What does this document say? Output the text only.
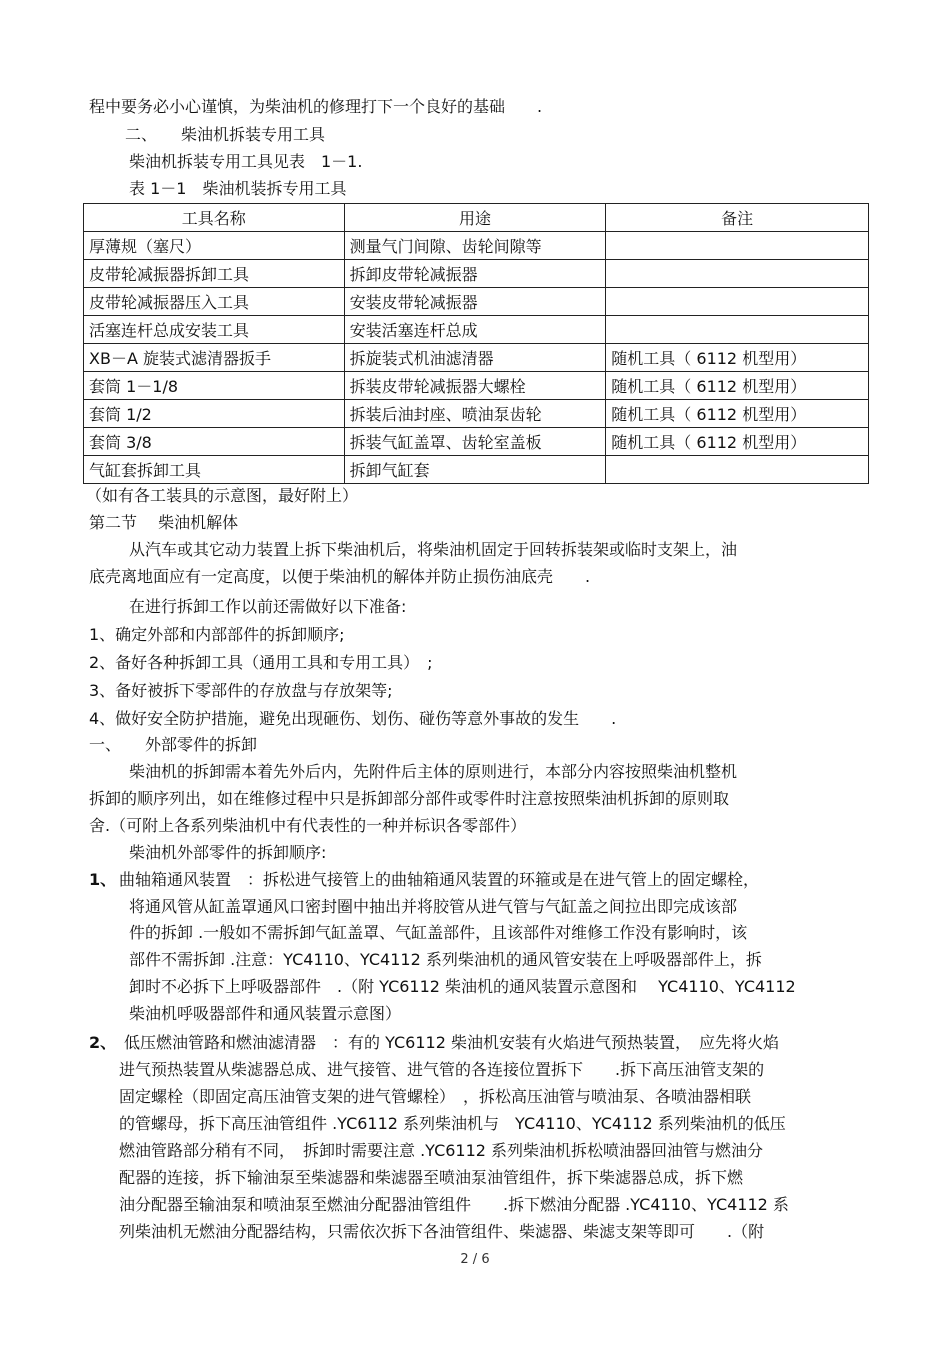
程中要务必小心谨慎，为柴油机的修理打下一个良好的基础　　.
二、　　柴油机拆装专用工具
柴油机拆装专用工具见表　1－1.
表 1－1　柴油机装拆专用工具
工具名称	用途	备注
厚薄规（塞尺）	测量气门间隙、齿轮间隙等	
皮带轮减振器拆卸工具	拆卸皮带轮减振器	
皮带轮减振器压入工具	安装皮带轮减振器	
活塞连杆总成安装工具	安装活塞连杆总成	
XB－A 旋装式滤清器扳手	拆旋装式机油滤清器	随机工具（ 6112 机型用）
套筒 1－1/8	拆装皮带轮减振器大螺栓	随机工具（ 6112 机型用）
套筒 1/2	拆装后油封座、喷油泵齿轮	随机工具（ 6112 机型用）
套筒 3/8	拆装气缸盖罩、齿轮室盖板	随机工具（ 6112 机型用）
气缸套拆卸工具	拆卸气缸套	
（如有各工装具的示意图，最好附上）
第二节　 柴油机解体
从汽车或其它动力装置上拆下柴油机后，将柴油机固定于回转拆装架或临时支架上，油
底壳离地面应有一定高度，以便于柴油机的解体并防止损伤油底壳　　.
在进行拆卸工作以前还需做好以下准备:
1、确定外部和内部部件的拆卸顺序;
2、备好各种拆卸工具（通用工具和专用工具）　;
3、备好被拆下零部件的存放盘与存放架等;
4、做好安全防护措施，避免出现砸伤、划伤、碰伤等意外事故的发生　　.
一、　　外部零件的拆卸
柴油机的拆卸需本着先外后内，先附件后主体的原则进行，本部分内容按照柴油机整机
拆卸的顺序列出，如在维修过程中只是拆卸部分部件或零件时注意按照柴油机拆卸的原则取
舍.（可附上各系列柴油机中有代表性的一种并标识各零部件）
柴油机外部零件的拆卸顺序:
1、 曲轴箱通风装置　：拆松进气接管上的曲轴箱通风装置的环箍或是在进气管上的固定螺栓，
将通风管从缸盖罩通风口密封圈中抽出并将胶管从进气管与气缸盖之间拉出即完成该部
件的拆卸 .一般如不需拆卸气缸盖罩、气缸盖部件，且该部件对维修工作没有影响时，该
部件不需拆卸 .注意：YC4110、YC4112 系列柴油机的通风管安装在上呼吸器部件上，拆
卸时不必拆下上呼吸器部件　.（附 YC6112 柴油机的通风装置示意图和　 YC4110、YC4112
柴油机呼吸器部件和通风装置示意图）
2、 低压燃油管路和燃油滤清器　：有的 YC6112 柴油机安装有火焰进气预热装置，　应先将火焰
进气预热装置从柴滤器总成、进气接管、进气管的各连接位置拆下　　.拆下高压油管支架的
固定螺栓（即固定高压油管支架的进气管螺栓）　，拆松高压油管与喷油泵、各喷油器相联
的管螺母，拆下高压油管组件 .YC6112 系列柴油机与　YC4110、YC4112 系列柴油机的低压
燃油管路部分稍有不同，　拆卸时需要注意 .YC6112 系列柴油机拆松喷油器回油管与燃油分
配器的连接，拆下输油泵至柴滤器和柴滤器至喷油泵油管组件，拆下柴滤器总成，拆下燃
油分配器至输油泵和喷油泵至燃油分配器油管组件　　.拆下燃油分配器 .YC4110、YC4112 系
列柴油机无燃油分配器结构，只需依次拆下各油管组件、柴滤器、柴滤支架等即可　　.（附
2 / 6
